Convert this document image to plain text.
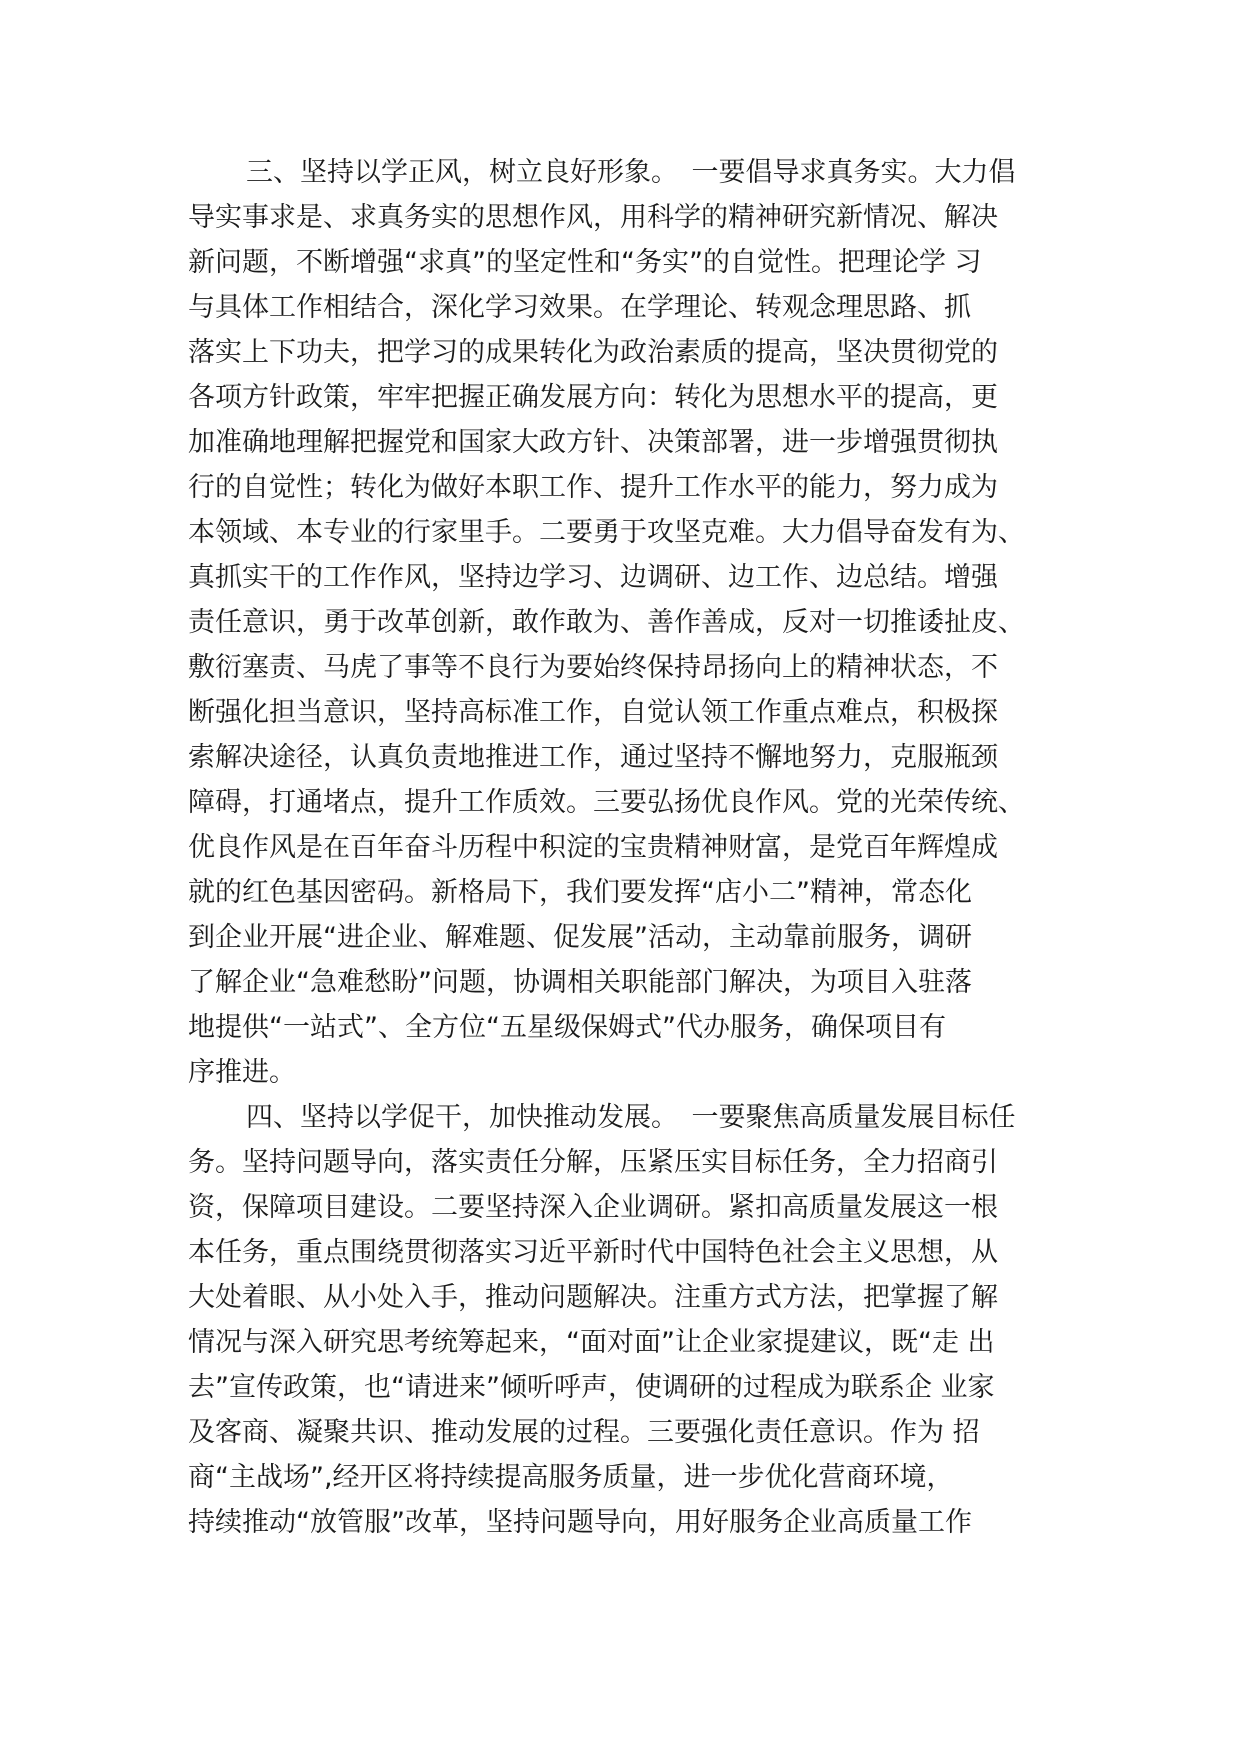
三、坚持以学正风，树立良好形象。　一要倡导求真务实。大力倡
导实事求是、求真务实的思想作风，用科学的精神研究新情况、解决
新问题，不断增强“求真”的坚定性和“务实”的自觉性。把理论学 习
与具体工作相结合，深化学习效果。在学理论、转观念理思路、抓
落实上下功夫，把学习的成果转化为政治素质的提高，坚决贯彻党的
各项方针政策，牢牢把握正确发展方向：转化为思想水平的提高，更
加准确地理解把握党和国家大政方针、决策部署，进一步增强贯彻执
行的自觉性；转化为做好本职工作、提升工作水平的能力，努力成为
本领域、本专业的行家里手。二要勇于攻坚克难。大力倡导奋发有为、
真抓实干的工作作风，坚持边学习、边调研、边工作、边总结。增强
责任意识，勇于改革创新，敢作敢为、善作善成，反对一切推诿扯皮、
敷衍塞责、马虎了事等不良行为要始终保持昂扬向上的精神状态，不
断强化担当意识，坚持高标准工作，自觉认领工作重点难点，积极探
索解决途径，认真负责地推进工作，通过坚持不懈地努力，克服瓶颈
障碍，打通堵点，提升工作质效。三要弘扬优良作风。党的光荣传统、
优良作风是在百年奋斗历程中积淀的宝贵精神财富，是党百年辉煌成
就的红色基因密码。新格局下，我们要发挥“店小二”精神，常态化
到企业开展“进企业、解难题、促发展”活动，主动靠前服务，调研
了解企业“急难愁盼”问题，协调相关职能部门解决，为项目入驻落
地提供“一站式”、全方位“五星级保姆式”代办服务，确保项目有
序推进。
四、坚持以学促干，加快推动发展。　一要聚焦高质量发展目标任
务。坚持问题导向，落实责任分解，压紧压实目标任务，全力招商引
资，保障项目建设。二要坚持深入企业调研。紧扣高质量发展这一根
本任务，重点围绕贯彻落实习近平新时代中国特色社会主义思想，从
大处着眼、从小处入手，推动问题解决。注重方式方法，把掌握了解
情况与深入研究思考统筹起来，“面对面”让企业家提建议，既“走 出
去”宣传政策，也“请进来”倾听呼声，使调研的过程成为联系企 业家
及客商、凝聚共识、推动发展的过程。三要强化责任意识。作为 招
商“主战场”,经开区将持续提高服务质量，进一步优化营商环境，
持续推动“放管服”改革，坚持问题导向，用好服务企业高质量工作
